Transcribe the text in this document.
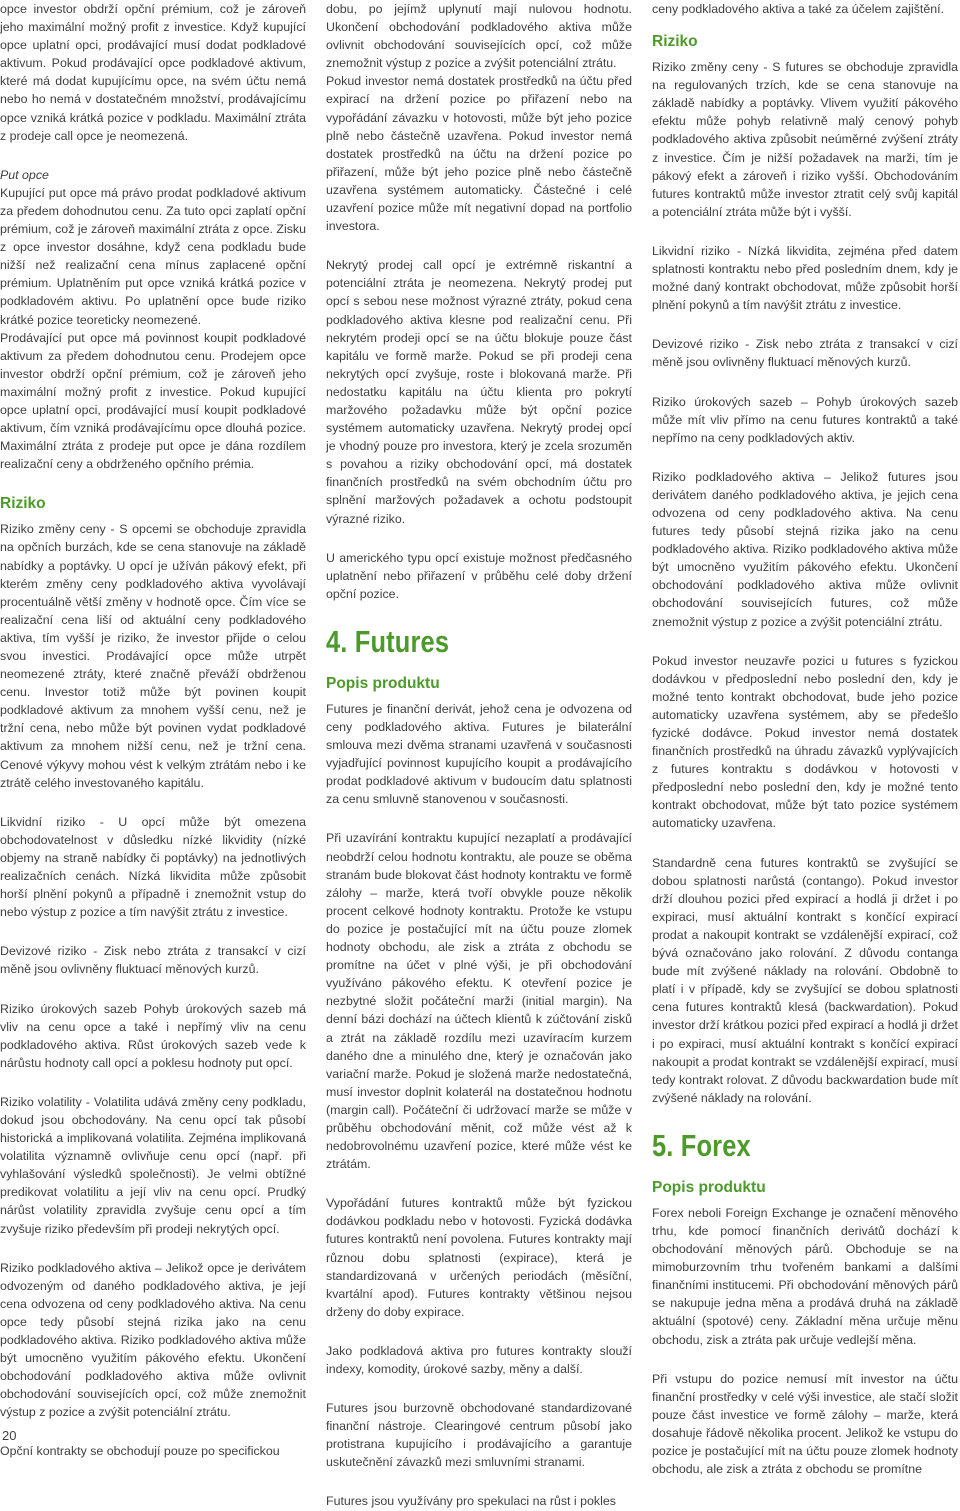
opce investor obdrží opční prémium, což je zároveň jeho maximální možný profit z investice. Když kupující opce uplatní opci, prodávající musí dodat podkladové aktivum. Pokud prodávající opce podkladové aktivum, které má dodat kupujícímu opce, na svém účtu nemá nebo ho nemá v dostatečném množství, prodávajícímu opce vzniká krátká pozice v podkladu. Maximální ztráta z prodeje call opce je neomezená.

Put opce

Kupující put opce má právo prodat podkladové aktivum za předem dohodnutou cenu. Za tuto opci zaplatí opční prémium, což je zároveň maximální ztráta z opce. Zisku z opce investor dosáhne, když cena podkladu bude nižší než realizační cena mínus zaplacené opční prémium. Uplatněním put opce vzniká krátká pozice v podkladovém aktivu. Po uplatnění opce bude riziko krátké pozice teoreticky neomezené.

Prodávající put opce má povinnost koupit podkladové aktivum za předem dohodnutou cenu. Prodejem opce investor obdrží opční prémium, což je zároveň jeho maximální možný profit z investice. Pokud kupující opce uplatní opci, prodávající musí koupit podkladové aktivum, čím vzniká prodávajícímu opce dlouhá pozice. Maximální ztráta z prodeje put opce je dána rozdílem realizační ceny a obdrženého opčního prémia.

Riziko

Riziko změny ceny - S opcemi se obchoduje zpravidla na opčních burzách, kde se cena stanovuje na základě nabídky a poptávky. U opcí je užíván pákový efekt, při kterém změny ceny podkladového aktiva vyvolávají procentuálně větší změny v hodnotě opce. Čím více se realizační cena liší od aktuální ceny podkladového aktiva, tím vyšší je riziko, že investor přijde o celou svou investici. Prodávající opce může utrpět neomezené ztráty, které značně převáží obdrženou cenu. Investor totiž může být povinen koupit podkladové aktivum za mnohem vyšší cenu, než je tržní cena, nebo může být povinen vydat podkladové aktivum za mnohem nižší cenu, než je tržní cena. Cenové výkyvy mohou vést k velkým ztrátám nebo i ke ztrátě celého investovaného kapitálu.

Likvidní riziko - U opcí může být omezena obchodovatelnost v důsledku nízké likvidity (nízké objemy na straně nabídky či poptávky) na jednotlivých realizačních cenách. Nízká likvidita může způsobit horší plnění pokynů a případně i znemožnit vstup do nebo výstup z pozice a tím navýšit ztrátu z investice.

Devizové riziko - Zisk nebo ztráta z transakcí v cizí měně jsou ovlivněny fluktuací měnových kurzů.

Riziko úrokových sazeb Pohyb úrokových sazeb má vliv na cenu opce a také i nepřímý vliv na cenu podkladového aktiva. Růst úrokových sazeb vede k nárůstu hodnoty call opcí a poklesu hodnoty put opcí.

Riziko volatility - Volatilita udává změny ceny podkladu, dokud jsou obchodovány. Na cenu opcí tak působí historická a implikovaná volatilita. Zejména implikovaná volatilita významně ovlivňuje cenu opcí (např. při vyhlašování výsledků společnosti). Je velmi obtížné predikovat volatilitu a její vliv na cenu opcí. Prudký nárůst volatility zpravidla zvyšuje cenu opcí a tím zvyšuje riziko především při prodeji nekrytých opcí.

Riziko podkladového aktiva – Jelikož opce je derivátem odvozeným od daného podkladového aktiva, je její cena odvozena od ceny podkladového aktiva. Na cenu opce tedy působí stejná rizika jako na cenu podkladového aktiva. Riziko podkladového aktiva může být umocněno využitím pákového efektu. Ukončení obchodování podkladového aktiva může ovlivnit obchodování souvisejících opcí, což může znemožnit výstup z pozice a zvýšit potenciální ztrátu.

Opční kontrakty se obchodují pouze po specifickou

dobu, po jejímž uplynutí mají nulovou hodnotu. Ukončení obchodování podkladového aktiva může ovlivnit obchodování souvisejících opcí, což může znemožnit výstup z pozice a zvýšit potenciální ztrátu.

Pokud investor nemá dostatek prostředků na účtu před expirací na držení pozice po přiřazení nebo na vypořádání závazku v hotovosti, může být jeho pozice plně nebo částečně uzavřena. Pokud investor nemá dostatek prostředků na účtu na držení pozice po přiřazení, může být jeho pozice plně nebo částečně uzavřena systémem automaticky. Částečné i celé uzavření pozice může mít negativní dopad na portfolio investora.

Nekrytý prodej call opcí je extrémně riskantní a potenciální ztráta je neomezena. Nekrytý prodej put opcí s sebou nese možnost výrazné ztráty, pokud cena podkladového aktiva klesne pod realizační cenu. Při nekrytém prodeji opcí se na účtu blokuje pouze část kapitálu ve formě marže. Pokud se při prodeji cena nekrytých opcí zvyšuje, roste i blokovaná marže. Při nedostatku kapitálu na účtu klienta pro pokrytí maržového požadavku může být opční pozice systémem automaticky uzavřena. Nekrytý prodej opcí je vhodný pouze pro investora, který je zcela srozuměn s povahou a riziky obchodování opcí, má dostatek finančních prostředků na svém obchodním účtu pro splnění maržových požadavek a ochotu podstoupit výrazné riziko.

U amerického typu opcí existuje možnost předčasného uplatnění nebo přiřazení v průběhu celé doby držení opční pozice.

4. Futures
Popis produktu

Futures je finanční derivát, jehož cena je odvozena od ceny podkladového aktiva. Futures je bilaterální smlouva mezi dvěma stranami uzavřená v současnosti vyjadřující povinnost kupujícího koupit a prodávajícího prodat podkladové aktivum v budoucím datu splatnosti za cenu smluvně stanovenou v současnosti.

Při uzavírání kontraktu kupující nezaplatí a prodávající neobdrží celou hodnotu kontraktu, ale pouze se oběma stranám bude blokovat část hodnoty kontraktu ve formě zálohy – marže, která tvoří obvykle pouze několik procent celkové hodnoty kontraktu. Protože ke vstupu do pozice je postačující mít na účtu pouze zlomek hodnoty obchodu, ale zisk a ztráta z obchodu se promítne na účet v plné výši, je při obchodování využíváno pákového efektu. K otevření pozice je nezbytné složit počáteční marži (initial margin). Na denní bázi dochází na účtech klientů k zúčtování zisků a ztrát na základě rozdílu mezi uzavíracím kurzem daného dne a minulého dne, který je označován jako variační marže. Pokud je složená marže nedostatečná, musí investor doplnit kolaterál na dostatečnou hodnotu (margin call). Počáteční či udržovací marže se může v průběhu obchodování měnit, což může vést až k nedobrovolnému uzavření pozice, které může vést ke ztrátám.

Vypořádání futures kontraktů může být fyzickou dodávkou podkladu nebo v hotovosti. Fyzická dodávka futures kontraktů není povolena. Futures kontrakty mají různou dobu splatnosti (expirace), která je standardizovaná v určených periodách (měsíční, kvartální apod). Futures kontrakty většinou nejsou drženy do doby expirace.

Jako podkladová aktiva pro futures kontrakty slouží indexy, komodity, úrokové sazby, měny a další.

Futures jsou burzovně obchodované standardizované finanční nástroje. Clearingové centrum působí jako protistrana kupujícího i prodávajícího a garantuje uskutečnění závazků mezi smluvními stranami.

Futures jsou využívány pro spekulaci na růst i pokles

ceny podkladového aktiva a také za účelem zajištění.

Riziko

Riziko změny ceny - S futures se obchoduje zpravidla na regulovaných trzích, kde se cena stanovuje na základě nabídky a poptávky. Vlivem využití pákového efektu může pohyb relativně malý cenový pohyb podkladového aktiva způsobit neúměrné zvýšení ztráty z investice. Čím je nižší požadavek na marži, tím je pákový efekt a zároveň i riziko vyšší. Obchodováním futures kontraktů může investor ztratit celý svůj kapitál a potenciální ztráta může být i vyšší.

Likvidní riziko - Nízká likvidita, zejména před datem splatnosti kontraktu nebo před posledním dnem, kdy je možné daný kontrakt obchodovat, může způsobit horší plnění pokynů a tím navýšit ztrátu z investice.

Devizové riziko - Zisk nebo ztráta z transakcí v cizí měně jsou ovlivněny fluktuací měnových kurzů.

Riziko úrokových sazeb – Pohyb úrokových sazeb může mít vliv přímo na cenu futures kontraktů a také nepřímo na ceny podkladových aktiv.

Riziko podkladového aktiva – Jelikož futures jsou derivátem daného podkladového aktiva, je jejich cena odvozena od ceny podkladového aktiva. Na cenu futures tedy působí stejná rizika jako na cenu podkladového aktiva. Riziko podkladového aktiva může být umocněno využitím pákového efektu. Ukončení obchodování podkladového aktiva může ovlivnit obchodování souvisejících futures, což může znemožnit výstup z pozice a zvýšit potenciální ztrátu.

Pokud investor neuzavře pozici u futures s fyzickou dodávkou v předposlední nebo poslední den, kdy je možné tento kontrakt obchodovat, bude jeho pozice automaticky uzavřena systémem, aby se předešlo fyzické dodávce. Pokud investor nemá dostatek finančních prostředků na úhradu závazků vyplývajících z futures kontraktu s dodávkou v hotovosti v předposlední nebo poslední den, kdy je možné tento kontrakt obchodovat, může být tato pozice systémem automaticky uzavřena.

Standardně cena futures kontraktů se zvyšující se dobou splatnosti narůstá (contango). Pokud investor drží dlouhou pozici před expirací a hodlá ji držet i po expiraci, musí aktuální kontrakt s končící expirací prodat a nakoupit kontrakt se vzdálenější expirací, což bývá označováno jako rolování. Z důvodu contanga bude mít zvýšené náklady na rolování. Obdobně to platí i v případě, kdy se zvyšující se dobou splatnosti cena futures kontraktů klesá (backwardation). Pokud investor drží krátkou pozici před expirací a hodlá ji držet i po expiraci, musí aktuální kontrakt s končící expirací nakoupit a prodat kontrakt se vzdálenější expirací, musí tedy kontrakt rolovat. Z důvodu backwardation bude mít zvýšené náklady na rolování.

5. Forex
Popis produktu

Forex neboli Foreign Exchange je označení měnového trhu, kde pomocí finančních derivátů dochází k obchodování měnových párů. Obchoduje se na mimoburzovním trhu tvořeném bankami a dalšími finančními institucemi. Při obchodování měnových párů se nakupuje jedna měna a prodává druhá na základě aktuální (spotové) ceny. Základní měna určuje měnu obchodu, zisk a ztráta pak určuje vedlejší měna.

Při vstupu do pozice nemusí mít investor na účtu finanční prostředky v celé výši investice, ale stačí složit pouze část investice ve formě zálohy – marže, která dosahuje řádově několika procent. Jelikož ke vstupu do pozice je postačující mít na účtu pouze zlomek hodnoty obchodu, ale zisk a ztráta z obchodu se promítne

20
